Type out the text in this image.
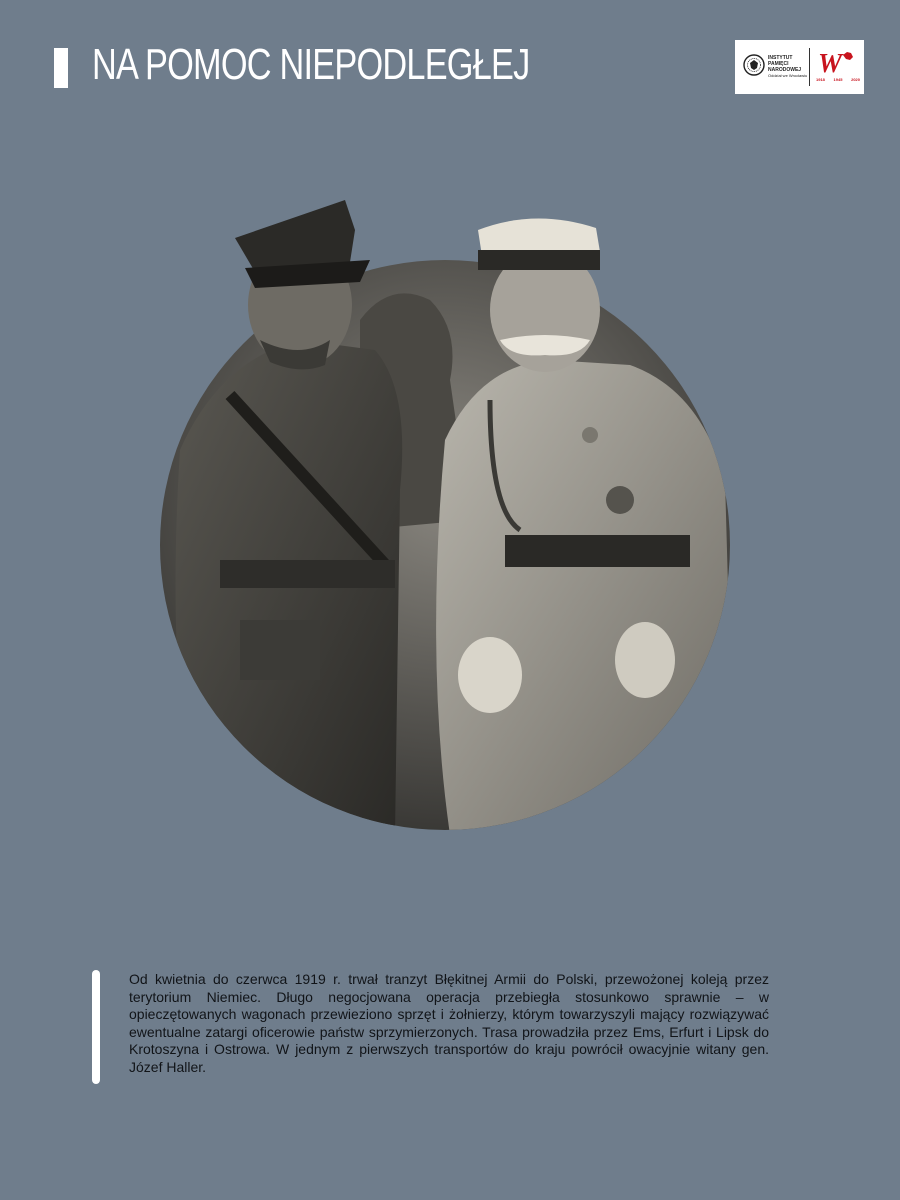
NA POMOC NIEPODLEGŁEJ	INSTYTUT
PAMIĘCI
NARODOWEJ
Oddział we Wrocławiu W
1918 1945 2020

Od kwietnia do czerwca 1919 r. trwał tranzyt Błękitnej Armii do Polski, przewożonej koleją przez terytorium Niemiec. Długo negocjowana operacja przebiegła stosunkowo sprawnie – w opieczętowanych wagonach przewieziono sprzęt i żołnierzy, którym towarzyszyli mający rozwiązywać ewentualne zatargi oficerowie państw sprzymierzonych. Trasa prowadziła przez Ems, Erfurt i Lipsk do Krotoszyna i Ostrowa. W jednym z pierwszych transportów do kraju powrócił owacyjnie witany gen. Józef Haller.
